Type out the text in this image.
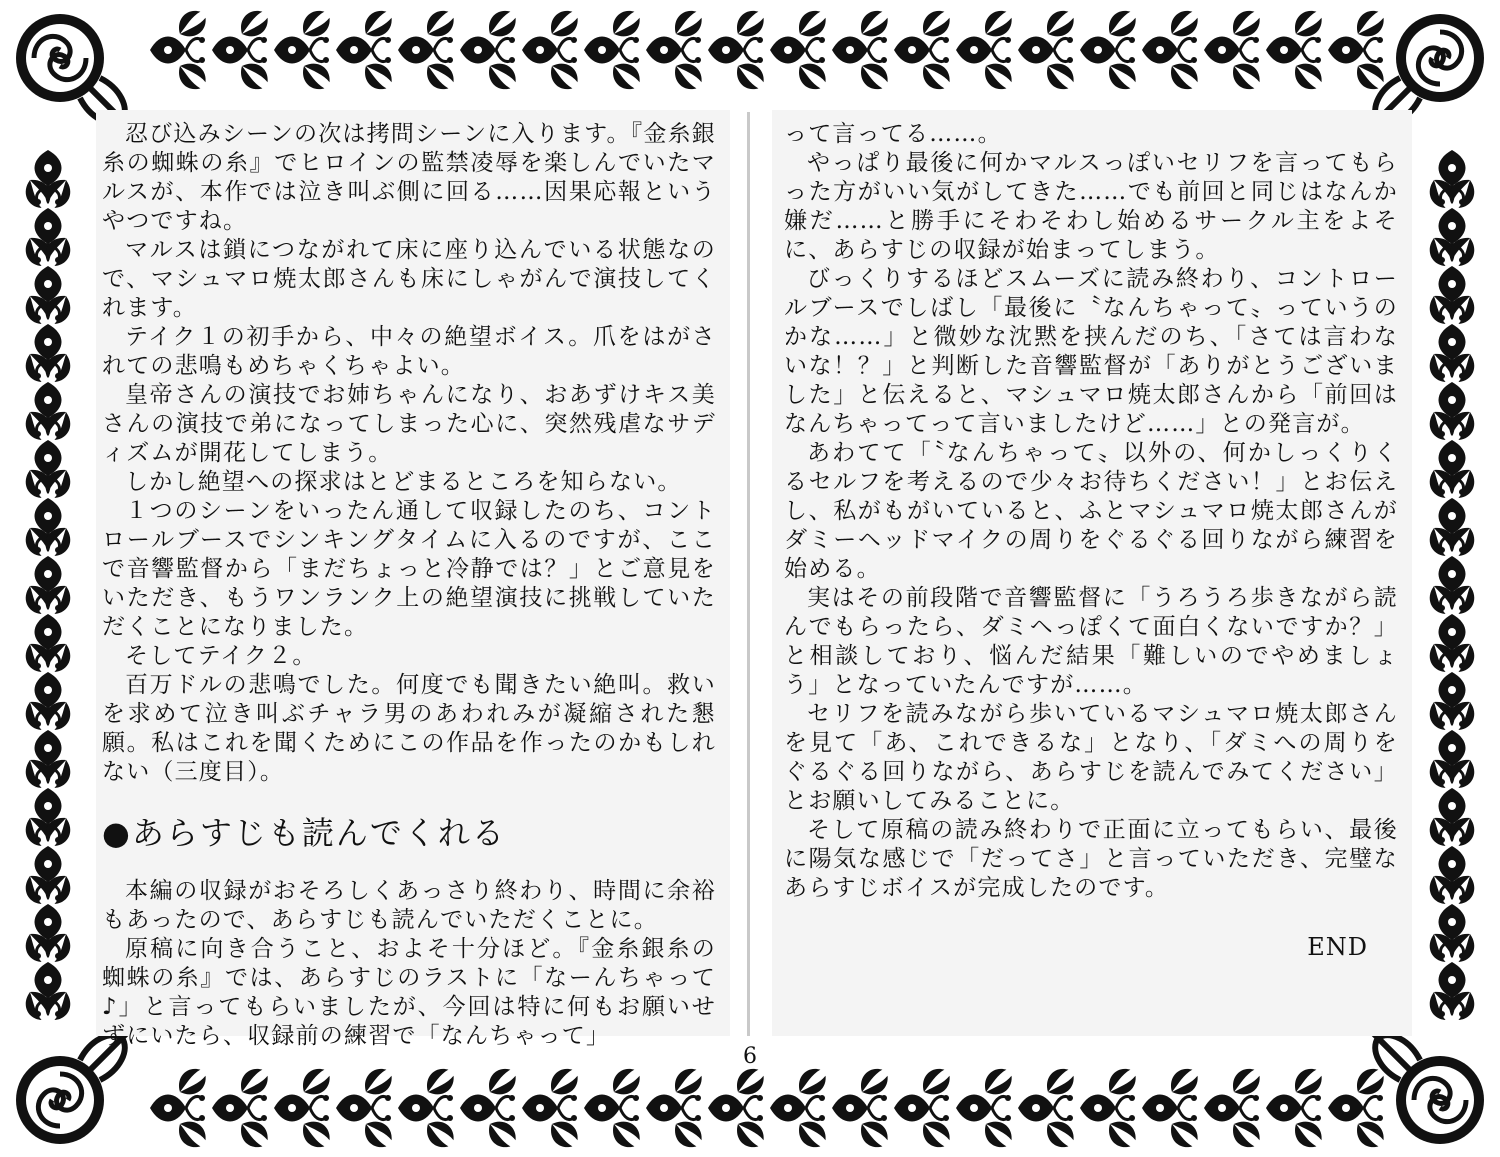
忍び込みシーンの次は拷問シーンに入ります。『金糸銀糸の蜘蛛の糸』でヒロインの監禁凌辱を楽しんでいたマルスが、本作では泣き叫ぶ側に回る……因果応報というやつですね。

マルスは鎖につながれて床に座り込んでいる状態なので、マシュマロ焼太郎さんも床にしゃがんで演技してくれます。

テイク１の初手から、中々の絶望ボイス。爪をはがされての悲鳴もめちゃくちゃよい。

皇帝さんの演技でお姉ちゃんになり、おあずけキス美さんの演技で弟になってしまった心に、突然残虐なサディズムが開花してしまう。

しかし絶望への探求はとどまるところを知らない。

１つのシーンをいったん通して収録したのち、コントロールブースでシンキングタイムに入るのですが、ここで音響監督から「まだちょっと冷静では？」とご意見をいただき、もうワンランク上の絶望演技に挑戦していただくことになりました。

そしてテイク２。

百万ドルの悲鳴でした。何度でも聞きたい絶叫。救いを求めて泣き叫ぶチャラ男のあわれみが凝縮された懇願。私はこれを聞くためにこの作品を作ったのかもしれない（三度目）。

●あらすじも読んでくれる

本編の収録がおそろしくあっさり終わり、時間に余裕もあったので、あらすじも読んでいただくことに。

原稿に向き合うこと、およそ十分ほど。『金糸銀糸の蜘蛛の糸』では、あらすじのラストに「なーんちゃって♪」と言ってもらいましたが、今回は特に何もお願いせずにいたら、収録前の練習で「なんちゃって」

って言ってる……。

やっぱり最後に何かマルスっぽいセリフを言ってもらった方がいい気がしてきた……でも前回と同じはなんか嫌だ……と勝手にそわそわし始めるサークル主をよそに、あらすじの収録が始まってしまう。

びっくりするほどスムーズに読み終わり、コントロールブースでしばし「最後に〝なんちゃって〟っていうのかな……」と微妙な沈黙を挟んだのち、「さては言わないな！？」と判断した音響監督が「ありがとうございました」と伝えると、マシュマロ焼太郎さんから「前回はなんちゃってって言いましたけど……」との発言が。

あわてて「〝なんちゃって〟以外の、何かしっくりくるセルフを考えるので少々お待ちください！」とお伝えし、私がもがいていると、ふとマシュマロ焼太郎さんがダミーヘッドマイクの周りをぐるぐる回りながら練習を始める。

実はその前段階で音響監督に「うろうろ歩きながら読んでもらったら、ダミヘっぽくて面白くないですか？」と相談しており、悩んだ結果「難しいのでやめましょう」となっていたんですが……。

セリフを読みながら歩いているマシュマロ焼太郎さんを見て「あ、これできるな」となり、「ダミへの周りをぐるぐる回りながら、あらすじを読んでみてください」とお願いしてみることに。

そして原稿の読み終わりで正面に立ってもらい、最後に陽気な感じで「だってさ」と言っていただき、完璧なあらすじボイスが完成したのです。

END
6
